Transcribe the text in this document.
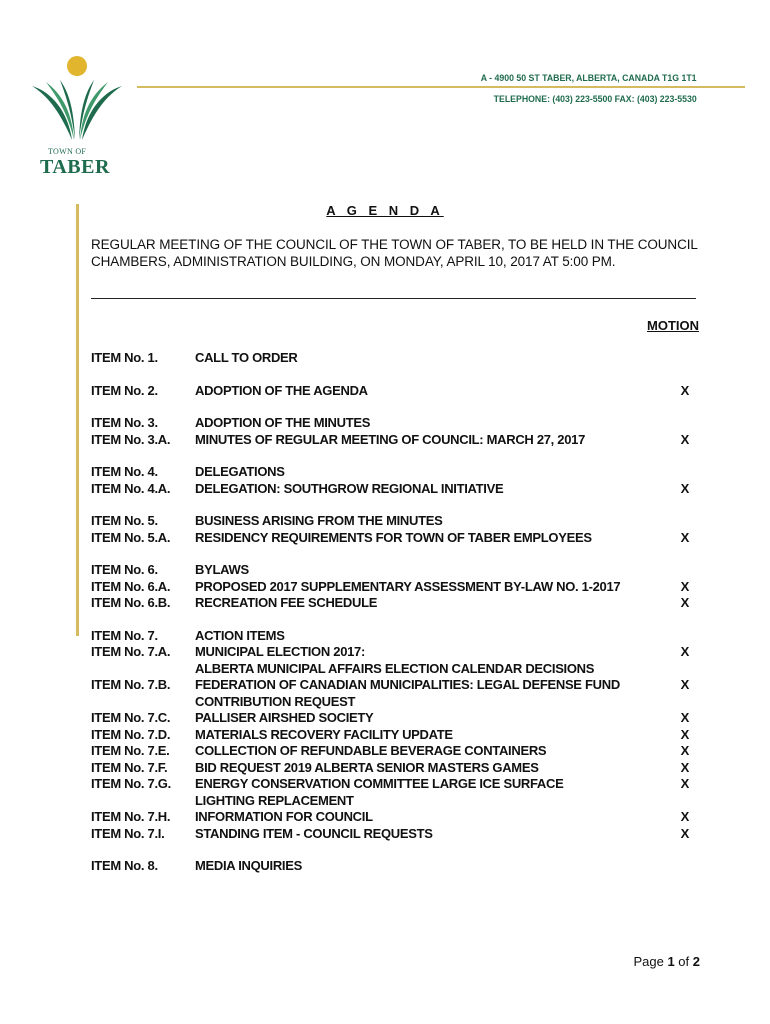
TOWN OF
TABER
A - 4900 50 ST TABER, ALBERTA, CANADA T1G 1T1
TELEPHONE: (403) 223-5500 FAX: (403) 223-5530
A G E N D A
REGULAR MEETING OF THE COUNCIL OF THE TOWN OF TABER, TO BE HELD IN THE COUNCIL CHAMBERS, ADMINISTRATION BUILDING, ON MONDAY, APRIL 10, 2017 AT 5:00 PM.
MOTION
ITEM No. 1.	CALL TO ORDER
ITEM No. 2.	ADOPTION OF THE AGENDA	X
ITEM No. 3.	ADOPTION OF THE MINUTES
ITEM No. 3.A. MINUTES OF REGULAR MEETING OF COUNCIL: MARCH 27, 2017	X
ITEM No. 4.	DELEGATIONS
ITEM No. 4.A. DELEGATION: SOUTHGROW REGIONAL INITIATIVE	X
ITEM No. 5.	BUSINESS ARISING FROM THE MINUTES
ITEM No. 5.A. RESIDENCY REQUIREMENTS FOR TOWN OF TABER EMPLOYEES	X
ITEM No. 6.	BYLAWS
ITEM No. 6.A. PROPOSED 2017 SUPPLEMENTARY ASSESSMENT BY-LAW NO. 1-2017	X
ITEM No. 6.B. RECREATION FEE SCHEDULE	X
ITEM No. 7.	ACTION ITEMS
ITEM No. 7.A. MUNICIPAL ELECTION 2017:	X
ALBERTA MUNICIPAL AFFAIRS ELECTION CALENDAR DECISIONS
ITEM No. 7.B. FEDERATION OF CANADIAN MUNICIPALITIES: LEGAL DEFENSE FUND	X
CONTRIBUTION REQUEST
ITEM No. 7.C. PALLISER AIRSHED SOCIETY	X
ITEM No. 7.D. MATERIALS RECOVERY FACILITY UPDATE	X
ITEM No. 7.E. COLLECTION OF REFUNDABLE BEVERAGE CONTAINERS	X
ITEM No. 7.F. BID REQUEST 2019 ALBERTA SENIOR MASTERS GAMES	X
ITEM No. 7.G. ENERGY CONSERVATION COMMITTEE LARGE ICE SURFACE	X
LIGHTING REPLACEMENT
ITEM No. 7.H. INFORMATION FOR COUNCIL	X
ITEM No. 7.I. STANDING ITEM - COUNCIL REQUESTS	X
ITEM No. 8.	MEDIA INQUIRIES
Page 1 of 2
